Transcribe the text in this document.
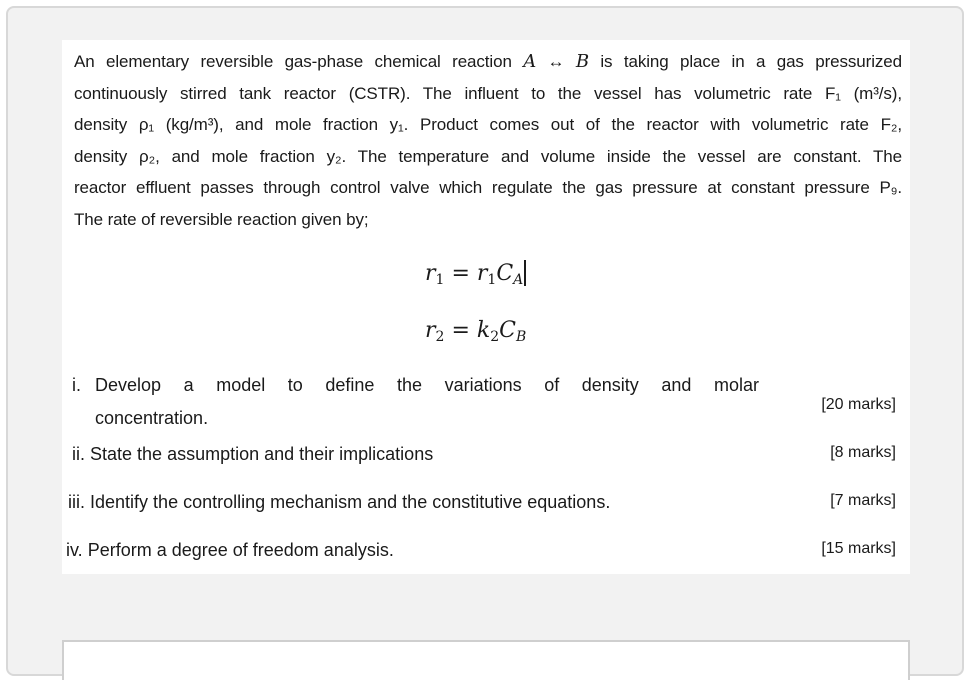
An elementary reversible gas-phase chemical reaction A ↔ B is taking place in a gas pressurized
continuously stirred tank reactor (CSTR). The influent to the vessel has volumetric rate F₁ (m³/s),
density ρ₁ (kg/m³), and mole fraction y₁. Product comes out of the reactor with volumetric rate F₂,
density ρ₂, and mole fraction y₂. The temperature and volume inside the vessel are constant. The
reactor effluent passes through control valve which regulate the gas pressure at constant pressure P₉.
The rate of reversible reaction given by;
$r_1 = r_1C_A$
$r_2 = k_2C_B$
i. Develop a model to define the variations of density and molar
concentration.
[20 marks]
ii. State the assumption and their implications	[8 marks]
iii. Identify the controlling mechanism and the constitutive equations.	[7 marks]
iv. Perform a degree of freedom analysis.	[15 marks]
